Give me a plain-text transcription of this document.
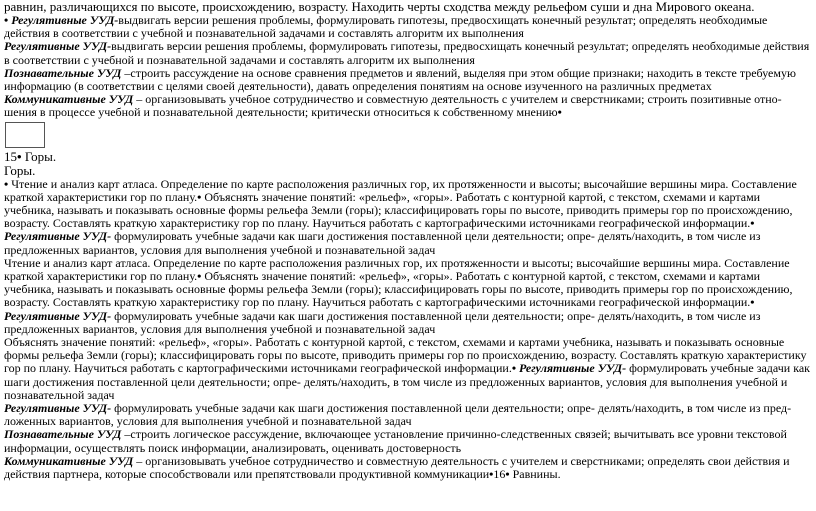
равнин, различающихся по высоте, происхождению, возрасту. Находить черты сходства между рельефом суши и дна Мирового океана.

• Регулятивные УУД-выдвигать версии решения проблемы, формулировать гипотезы, предвосхищать конечный результат; определять необходимые действия в соответствии с учебной и познавательной задачами и составлять алгоритм их выполнения

Регулятивные УУД-выдвигать версии решения проблемы, формулировать гипотезы, предвосхищать конечный результат; определять необходимые действия в соответствии с учебной и познавательной задачами и составлять алгоритм их выполнения

Познавательные УУД –строить рассуждение на основе сравнения предметов и явлений, выделяя при этом общие признаки; находить в тексте требуемую информацию (в соответствии с целями своей деятельности), давать определения понятиям на основе изученного на различных предметах

Коммуникативные УУД – организовывать учебное сотрудничество и совместную деятельность с учителем и сверстниками; строить позитивные отно-шения в процессе учебной и познавательной деятельности; критически относиться к собственному мнению•

15• Горы.

Горы.

• Чтение и анализ карт атласа. Определение по карте расположения различных гор, их протяженности и высоты; высочайшие вершины мира. Составление краткой характеристики гор по плану.• Объяснять значение понятий: «рельеф», «горы». Работать с контурной картой, с текстом, схемами и картами учебника, называть и показывать основные формы рельефа Земли (горы); классифицировать горы по высоте, приводить примеры гор по происхождению, возрасту. Составлять краткую характеристику гор по плану. Научиться работать с картографическими источниками географической информации.• Регулятивные УУД- формулировать учебные задачи как шаги достижения поставленной цели деятельности; опре- делять/находить, в том числе из предложенных вариантов, условия для выполнения учебной и познавательной задач

Чтение и анализ карт атласа. Определение по карте расположения различных гор, их протяженности и высоты; высочайшие вершины мира. Составление краткой характеристики гор по плану.• Объяснять значение понятий: «рельеф», «горы». Работать с контурной картой, с текстом, схемами и картами учебника, называть и показывать основные формы рельефа Земли (горы); классифицировать горы по высоте, приводить примеры гор по происхождению, возрасту. Составлять краткую характеристику гор по плану. Научиться работать с картографическими источниками географической информации.• Регулятивные УУД- формулировать учебные задачи как шаги достижения поставленной цели деятельности; опре- делять/находить, в том числе из предложенных вариантов, условия для выполнения учебной и познавательной задач

Объяснять значение понятий: «рельеф», «горы». Работать с контурной картой, с текстом, схемами и картами учебника, называть и показывать основные формы рельефа Земли (горы); классифицировать горы по высоте, приводить примеры гор по происхождению, возрасту. Составлять краткую характеристику гор по плану. Научиться работать с картографическими источниками географической информации.• Регулятивные УУД- формулировать учебные задачи как шаги достижения поставленной цели деятельности; опре- делять/находить, в том числе из предложенных вариантов, условия для выполнения учебной и познавательной задач

Регулятивные УУД- формулировать учебные задачи как шаги достижения поставленной цели деятельности; опре- делять/находить, в том числе из пред-ложенных вариантов, условия для выполнения учебной и познавательной задач

Познавательные УУД –строить логическое рассуждение, включающее установление причинно-следственных связей; вычитывать все уровни текстовой информации, осуществлять поиск информации, анализировать, оценивать достоверность

Коммуникативные УУД – организовывать учебное сотрудничество и совместную деятельность с учителем и сверстниками; определять свои действия и действия партнера, которые способствовали или препятствовали продуктивной коммуникации•16• Равнины.
